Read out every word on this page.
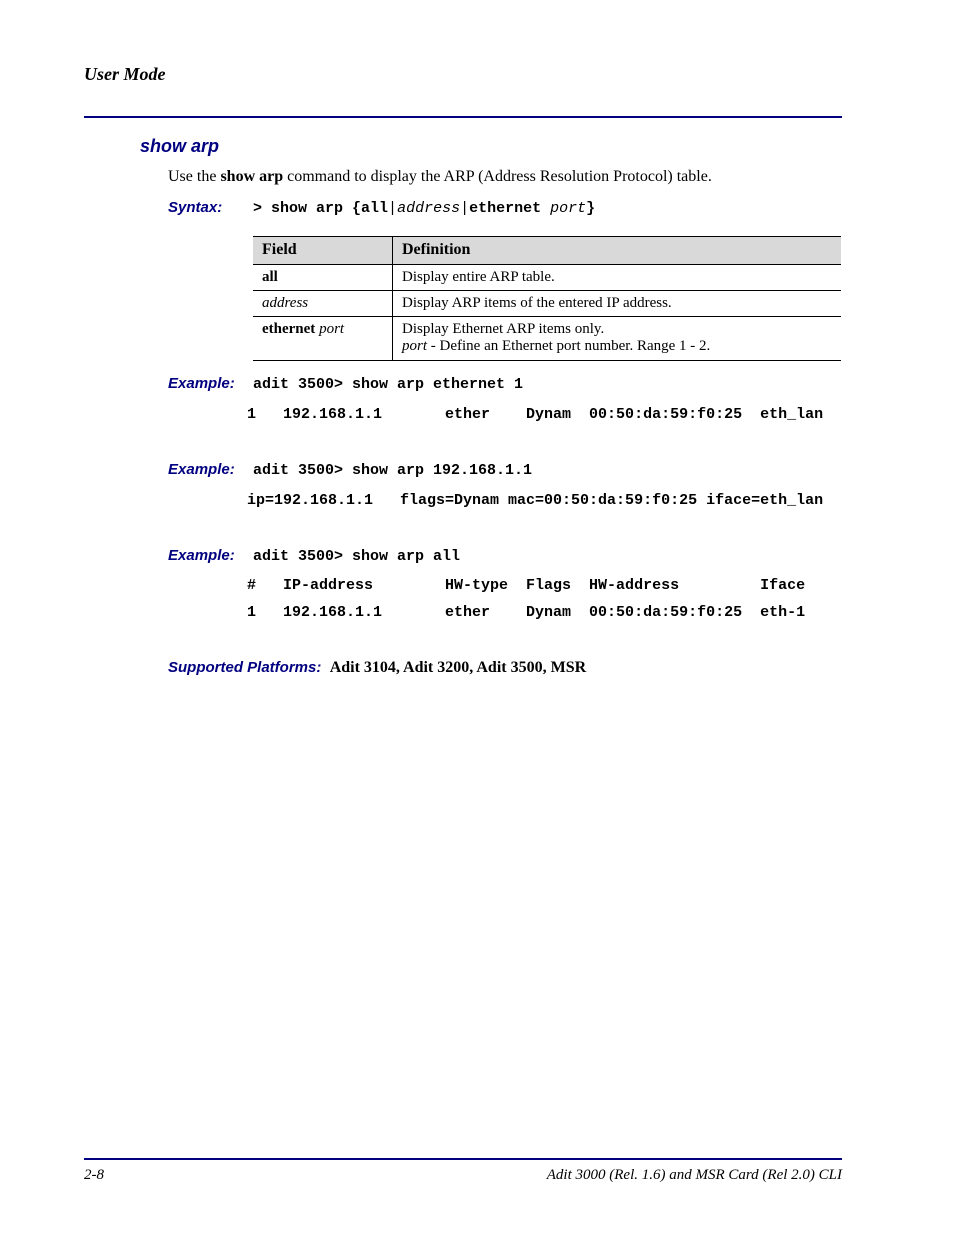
User Mode
show arp
Use the show arp command to display the ARP (Address Resolution Protocol) table.
Syntax: > show arp {all|address|ethernet port}
Field	Definition
all	Display entire ARP table.
address	Display ARP items of the entered IP address.
ethernet port	Display Ethernet ARP items only.
port - Define an Ethernet port number. Range 1 - 2.
Example: adit 3500> show arp ethernet 1
1   192.168.1.1       ether    Dynam  00:50:da:59:f0:25  eth_lan
Example: adit 3500> show arp 192.168.1.1
ip=192.168.1.1   flags=Dynam mac=00:50:da:59:f0:25 iface=eth_lan
Example: adit 3500> show arp all
#   IP-address        HW-type  Flags  HW-address         Iface
1   192.168.1.1       ether    Dynam  00:50:da:59:f0:25  eth-1
Supported Platforms: Adit 3104, Adit 3200, Adit 3500, MSR
2-8	Adit 3000 (Rel. 1.6) and MSR Card (Rel 2.0) CLI
